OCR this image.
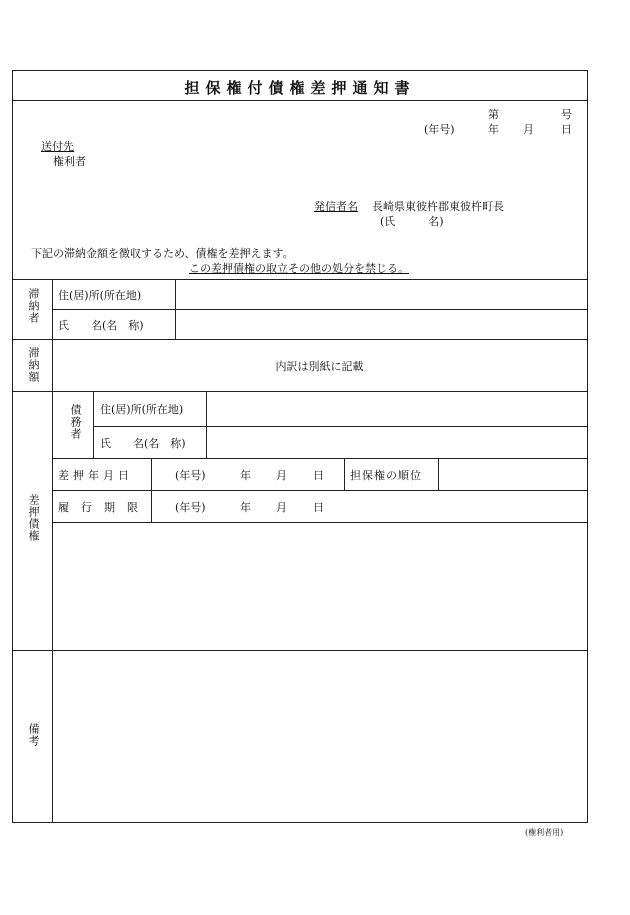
担保権付債権差押通知書
第	号
(年号)	年 月 日
送付先
権利者
発信者名 長崎県東彼杵郡東彼杵町長
(氏　　　名)
下記の滞納金額を徴収するため、債権を差押えます。
この差押債権の取立その他の処分を禁じる。
滞納者 住(居)所(所在地)
氏　　名(名　称)
滞納額	内訳は別紙に記載
差押債権
債務者 住(居)所(所在地)
氏　　名(名　称)
差押年月日	(年号)	年 月 日 担保権の順位
履行期限 (年号)	年 月 日
備考
(権利者用)
